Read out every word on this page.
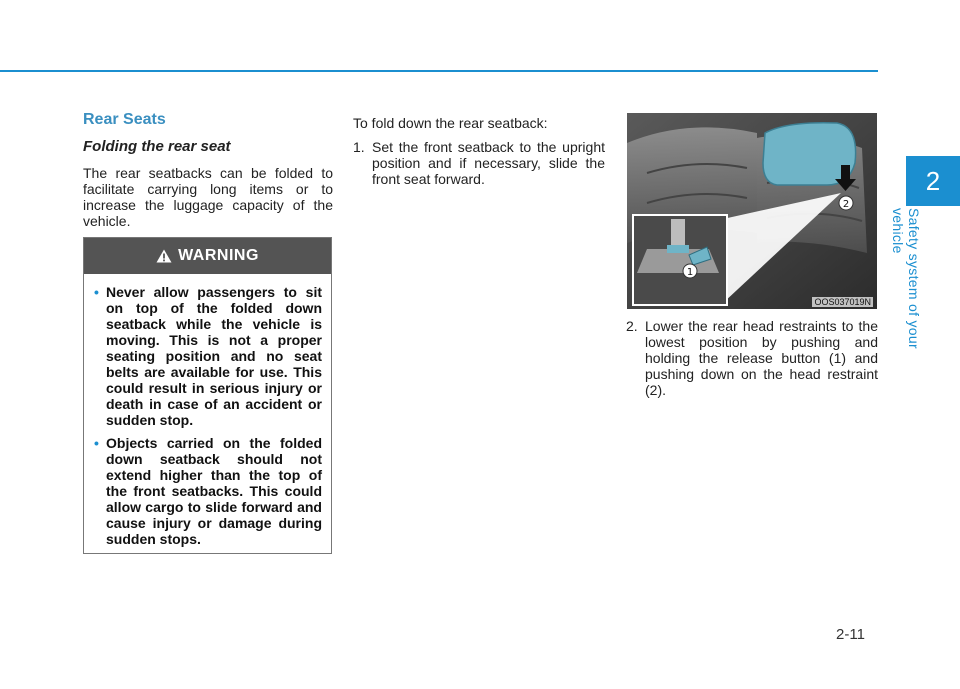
2
Safety system of your vehicle
Rear Seats
Folding the rear seat

The rear seatbacks can be folded to facilitate carrying long items or to increase the luggage capacity of the vehicle.

WARNING
• Never allow passengers to sit on top of the folded down seatback while the vehicle is moving. This is not a proper seating position and no seat belts are available for use. This could result in serious injury or death in case of an accident or sudden stop.
• Objects carried on the folded down seatback should not extend higher than the top of the front seatbacks. This could allow cargo to slide forward and cause injury or damage during sudden stops.

To fold down the rear seatback:

1. Set the front seatback to the upright position and if necessary, slide the front seat forward.

2
1
OOS037019N

2. Lower the rear head restraints to the lowest position by pushing and holding the release button (1) and pushing down on the head restraint (2).

2-11
